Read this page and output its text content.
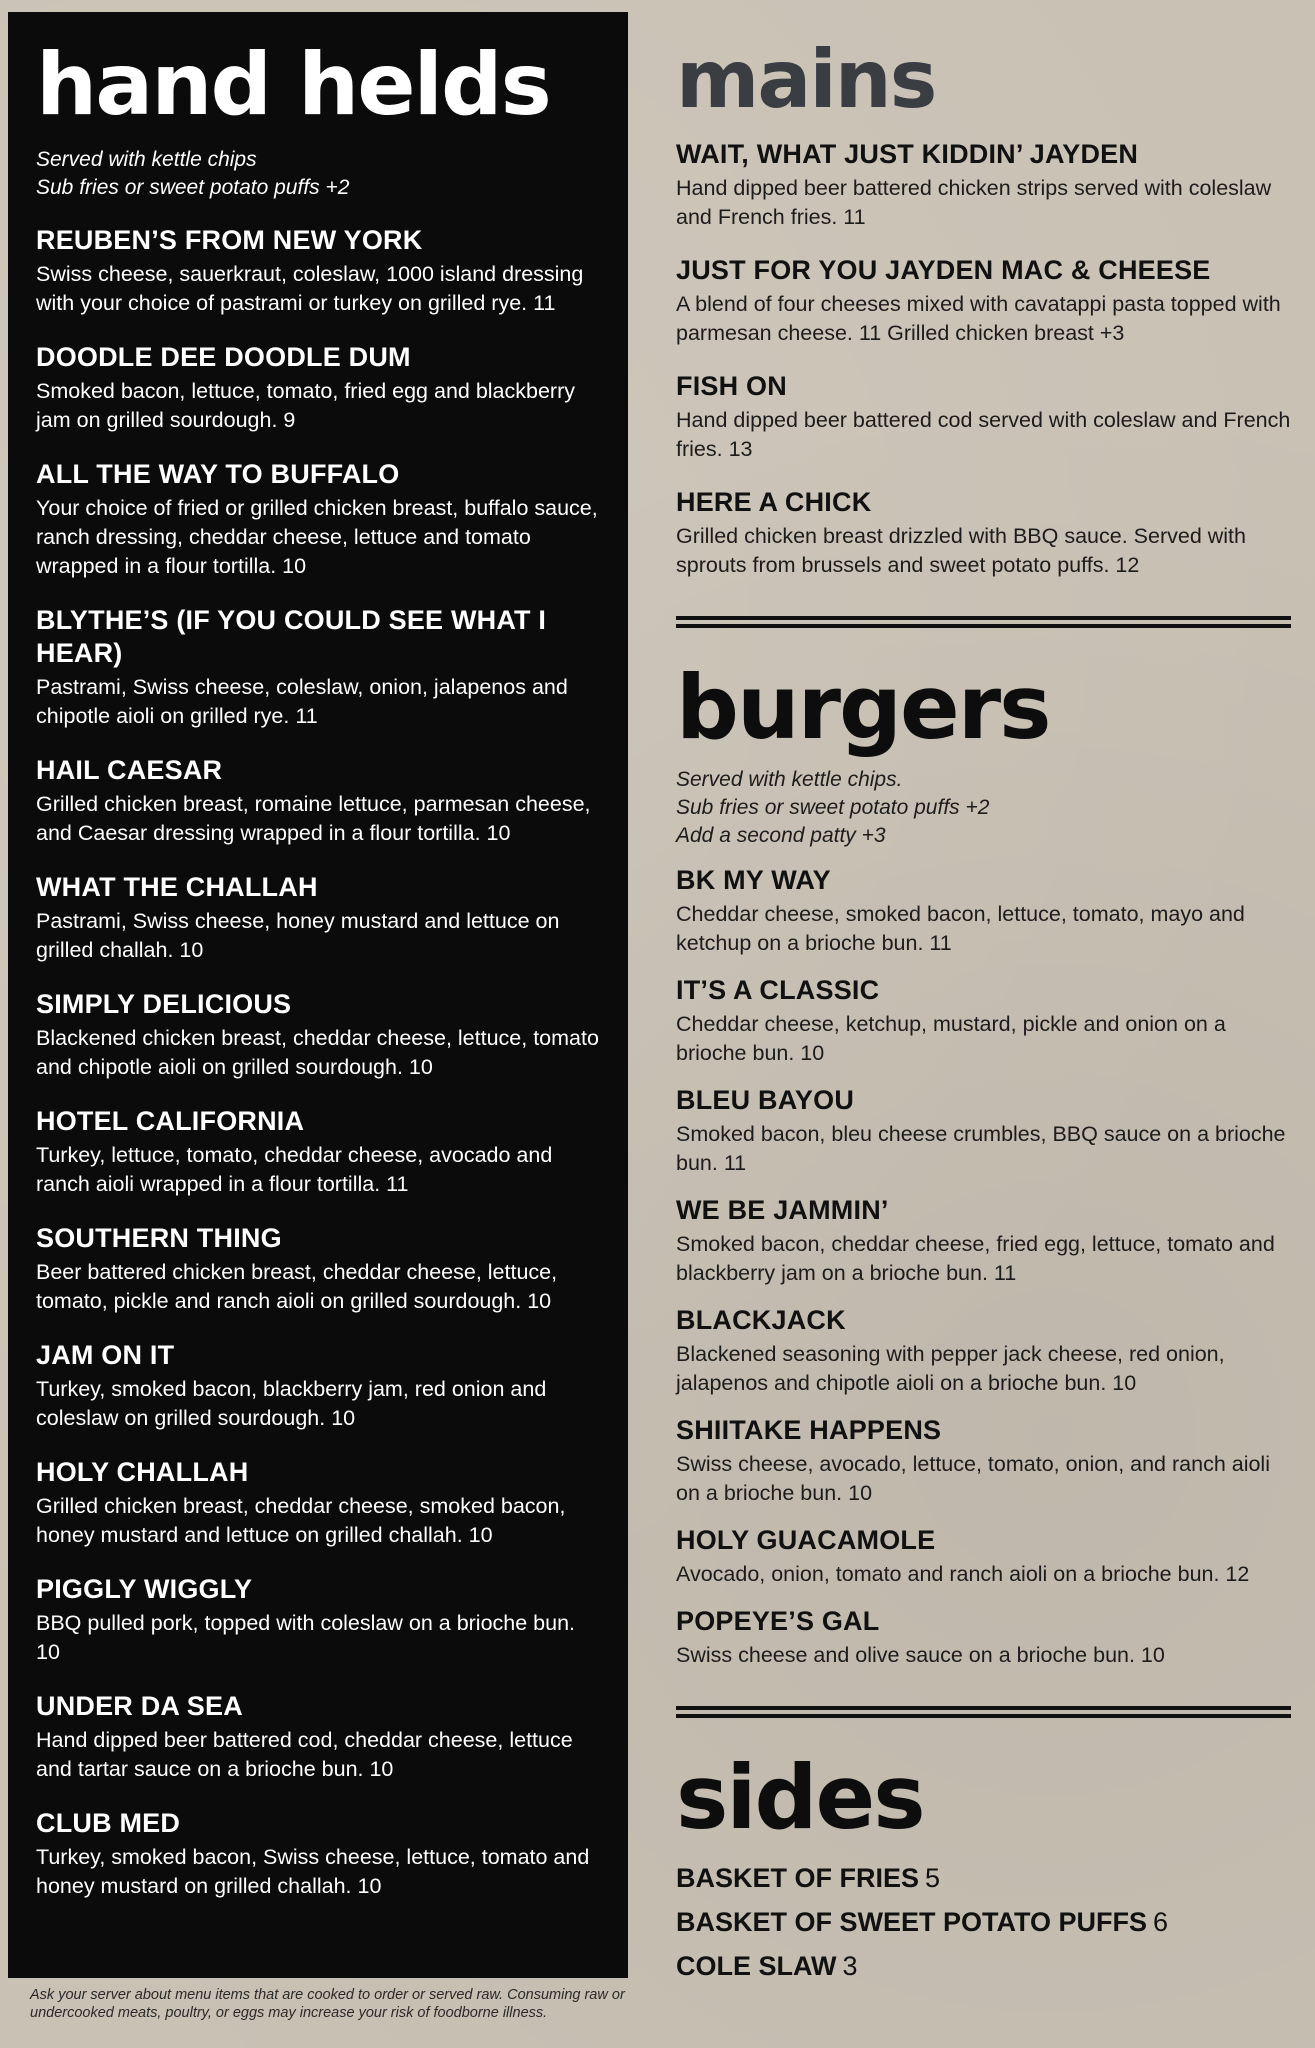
hand helds
Served with kettle chips
Sub fries or sweet potato puffs +2
REUBEN’S FROM NEW YORK
Swiss cheese, sauerkraut, coleslaw, 1000 island dressing with your choice of pastrami or turkey on grilled rye. 11
DOODLE DEE DOODLE DUM
Smoked bacon, lettuce, tomato, fried egg and blackberry jam on grilled sourdough. 9
ALL THE WAY TO BUFFALO
Your choice of fried or grilled chicken breast, buffalo sauce, ranch dressing, cheddar cheese, lettuce and tomato wrapped in a flour tortilla. 10
BLYTHE’S (IF YOU COULD SEE WHAT I HEAR)
Pastrami, Swiss cheese, coleslaw, onion, jalapenos and chipotle aioli on grilled rye. 11
HAIL CAESAR
Grilled chicken breast, romaine lettuce, parmesan cheese, and Caesar dressing wrapped in a flour tortilla. 10
WHAT THE CHALLAH
Pastrami, Swiss cheese, honey mustard and lettuce on grilled challah. 10
SIMPLY DELICIOUS
Blackened chicken breast, cheddar cheese, lettuce, tomato and chipotle aioli on grilled sourdough. 10
HOTEL CALIFORNIA
Turkey, lettuce, tomato, cheddar cheese, avocado and ranch aioli wrapped in a flour tortilla. 11
SOUTHERN THING
Beer battered chicken breast, cheddar cheese, lettuce, tomato, pickle and ranch aioli on grilled sourdough. 10
JAM ON IT
Turkey, smoked bacon, blackberry jam, red onion and coleslaw on grilled sourdough. 10
HOLY CHALLAH
Grilled chicken breast, cheddar cheese, smoked bacon, honey mustard and lettuce on grilled challah. 10
PIGGLY WIGGLY
BBQ pulled pork, topped with coleslaw on a brioche bun. 10
UNDER DA SEA
Hand dipped beer battered cod, cheddar cheese, lettuce and tartar sauce on a brioche bun. 10
CLUB MED
Turkey, smoked bacon, Swiss cheese, lettuce, tomato and honey mustard on grilled challah. 10
mains
WAIT, WHAT JUST KIDDIN’ JAYDEN
Hand dipped beer battered chicken strips served with coleslaw and French fries. 11
JUST FOR YOU JAYDEN MAC & CHEESE
A blend of four cheeses mixed with cavatappi pasta topped with parmesan cheese. 11 Grilled chicken breast +3
FISH ON
Hand dipped beer battered cod served with coleslaw and French fries. 13
HERE A CHICK
Grilled chicken breast drizzled with BBQ sauce. Served with sprouts from brussels and sweet potato puffs. 12
burgers
Served with kettle chips.
Sub fries or sweet potato puffs +2
Add a second patty +3
BK MY WAY
Cheddar cheese, smoked bacon, lettuce, tomato, mayo and ketchup on a brioche bun. 11
IT’S A CLASSIC
Cheddar cheese, ketchup, mustard, pickle and onion on a brioche bun. 10
BLEU BAYOU
Smoked bacon, bleu cheese crumbles, BBQ sauce on a brioche bun. 11
WE BE JAMMIN’
Smoked bacon, cheddar cheese, fried egg, lettuce, tomato and blackberry jam on a brioche bun. 11
BLACKJACK
Blackened seasoning with pepper jack cheese, red onion, jalapenos and chipotle aioli on a brioche bun. 10
SHIITAKE HAPPENS
Swiss cheese, avocado, lettuce, tomato, onion, and ranch aioli on a brioche bun. 10
HOLY GUACAMOLE
Avocado, onion, tomato and ranch aioli on a brioche bun. 12
POPEYE’S GAL
Swiss cheese and olive sauce on a brioche bun. 10
sides
BASKET OF FRIES 5
BASKET OF SWEET POTATO PUFFS 6
COLE SLAW 3
Ask your server about menu items that are cooked to order or served raw. Consuming raw or undercooked meats, poultry, or eggs may increase your risk of foodborne illness.
